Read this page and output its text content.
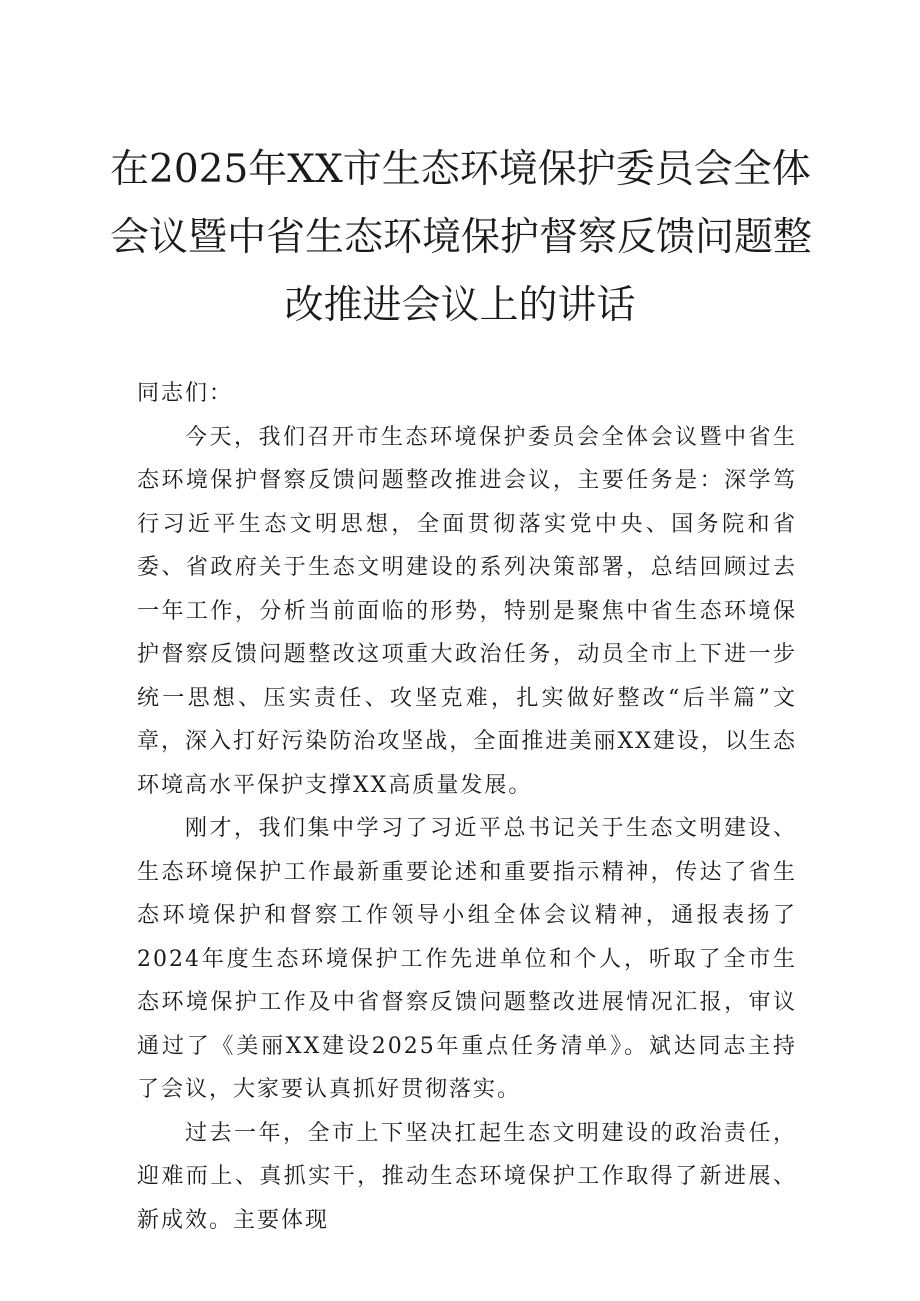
在2025年XX市生态环境保护委员会全体
会议暨中省生态环境保护督察反馈问题整
改推进会议上的讲话

同志们：

今天，我们召开市生态环境保护委员会全体会议暨中省生态环境保护督察反馈问题整改推进会议，主要任务是：深学笃行习近平生态文明思想，全面贯彻落实党中央、国务院和省委、省政府关于生态文明建设的系列决策部署，总结回顾过去一年工作，分析当前面临的形势，特别是聚焦中省生态环境保护督察反馈问题整改这项重大政治任务，动员全市上下进一步统一思想、压实责任、攻坚克难，扎实做好整改“后半篇”文章，深入打好污染防治攻坚战，全面推进美丽XX建设，以生态环境高水平保护支撑XX高质量发展。

刚才，我们集中学习了习近平总书记关于生态文明建设、生态环境保护工作最新重要论述和重要指示精神，传达了省生态环境保护和督察工作领导小组全体会议精神，通报表扬了2024年度生态环境保护工作先进单位和个人，听取了全市生态环境保护工作及中省督察反馈问题整改进展情况汇报，审议通过了《美丽XX建设2025年重点任务清单》。斌达同志主持了会议，大家要认真抓好贯彻落实。

过去一年，全市上下坚决扛起生态文明建设的政治责任，迎难而上、真抓实干，推动生态环境保护工作取得了新进展、新成效。主要体现
